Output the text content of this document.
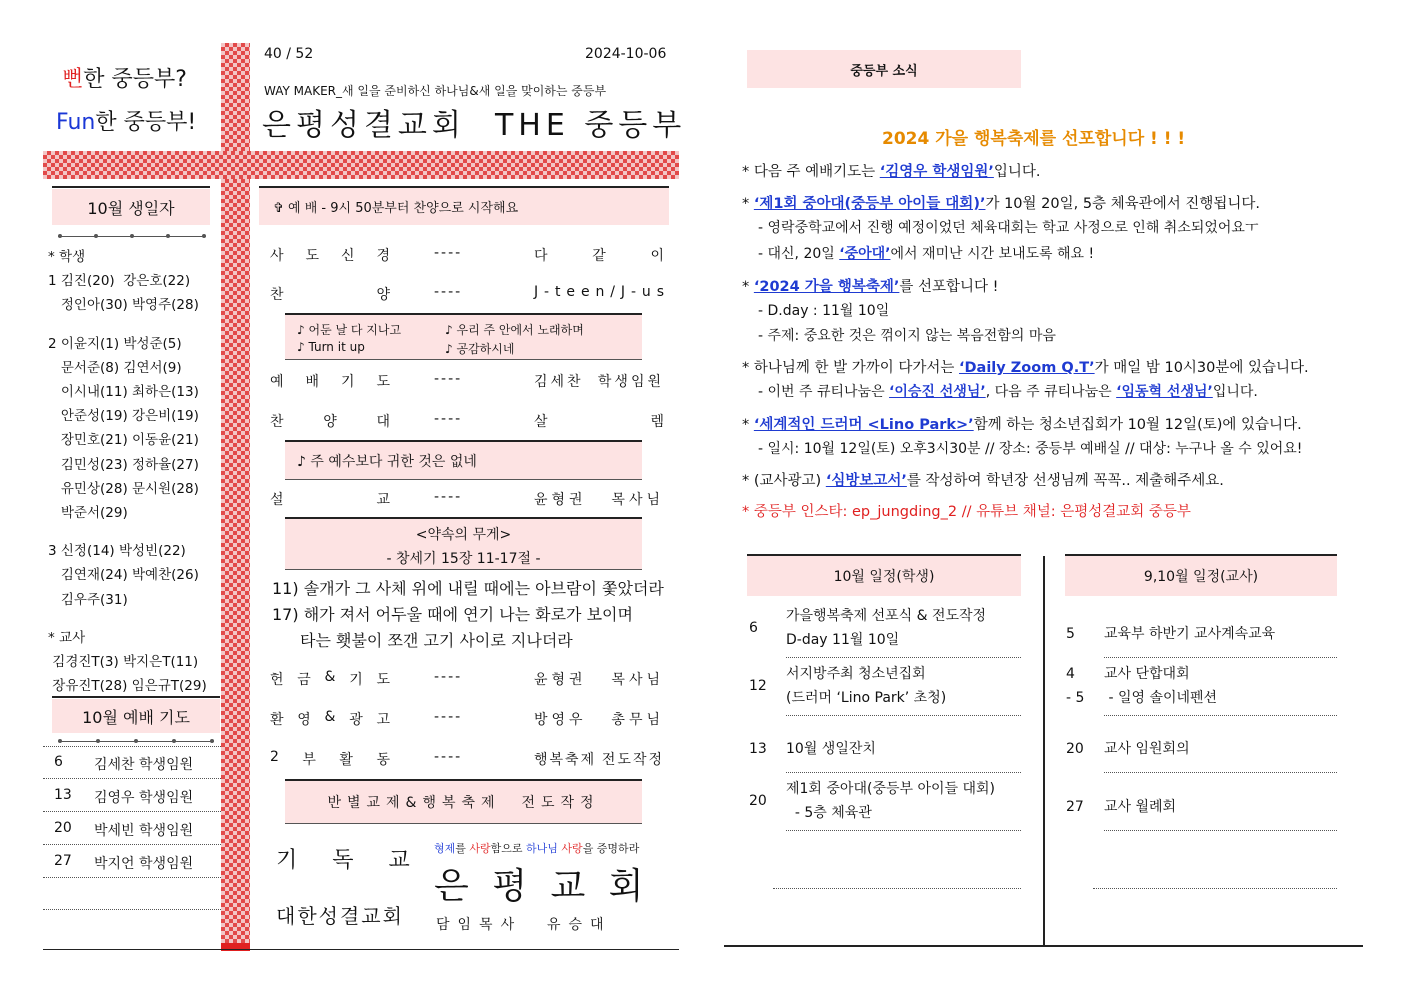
뻔한 중등부?
Fun한 중등부!
40 / 52	2024-10-06
WAY MAKER_새 일을 준비하신 하나님&새 일을 맞이하는 중등부
은평성결교회  THE 중등부
10월 생일자
* 학생
1 김진(20)  강은호(22)
정인아(30) 박영주(28)
2 이윤지(1) 박성준(5)
문서준(8) 김연서(9)
이시내(11) 최하은(13)
안준성(19) 강은비(19)
장민호(21) 이동윤(21)
김민성(23) 정하율(27)
유민상(28) 문시원(28)
박준서(29)
3 신정(14) 박성빈(22)
김연재(24) 박예찬(26)
김우주(31)
* 교사
김경진T(3) 박지은T(11)
장유진T(28) 임은규T(29)
10월 예배 기도
6 김세찬 학생임원
13 김영우 학생임원
20 박세빈 학생임원
27 박지언 학생임원
✞ 예 배 - 9시 50분부터 찬양으로 시작해요
사 도 신 경	----	다	같	이
찬	양	----	J - t e e n / J - u s
♪ 어둔 날 다 지나고	♪ 우리 주 안에서 노래하며
♪ Turn it up	♪ 공감하시네
예 배 기 도	----	김세찬 학생임원
찬	양	대	----	살	렘
♪ 주 예수보다 귀한 것은 없네
설	교	----	윤형권 목사님
<약속의 무게>
- 창세기 15장 11-17절 -
11) 솔개가 그 사체 위에 내릴 때에는 아브람이 쫓았더라
17) 해가 져서 어두울 때에 연기 나는 화로가 보이며
타는 횃불이 쪼갠 고기 사이로 지나더라
헌 금 & 기 도	----	윤형권 목사님
환 영 & 광 고	----	방영우 총무님
2 부 활 동	----	행복축제 전도작정
반별교제&행복축제  전도작정
기 독 교
대한성결교회
형제를 사랑함으로 하나님 사랑을 증명하라
은 평 교 회
담임목사  유승대
중등부 소식
2024 가을 행복축제를 선포합니다 ! ! !
* 다음 주 예배기도는 ‘김영우 학생임원’입니다.
* ‘제1회 중아대(중등부 아이들 대회)’가 10월 20일, 5층 체육관에서 진행됩니다.
- 영락중학교에서 진행 예정이었던 체육대회는 학교 사정으로 인해 취소되었어요ㅜ
- 대신, 20일 ‘중아대’에서 재미난 시간 보내도록 해요 !
* ‘2024 가을 행복축제’를 선포합니다 !
- D.day : 11월 10일
- 주제: 중요한 것은 꺾이지 않는 복음전함의 마음
* 하나님께 한 발 가까이 다가서는 ‘Daily Zoom Q.T’가 매일 밤 10시30분에 있습니다.
- 이번 주 큐티나눔은 ‘이승진 선생님’, 다음 주 큐티나눔은 ‘임동혁 선생님’입니다.
* ‘세계적인 드러머 <Lino Park>’함께 하는 청소년집회가 10월 12일(토)에 있습니다.
- 일시: 10월 12일(토) 오후3시30분 // 장소: 중등부 예배실 // 대상: 누구나 올 수 있어요!
* (교사광고) ‘심방보고서’를 작성하여 학년장 선생님께 꼭꼭.. 제출해주세요.
* 중등부 인스타: ep_jungding_2 // 유튜브 채널: 은평성결교회 중등부
10월 일정(학생)	9,10월 일정(교사)
6
가을행복축제 선포식 & 전도작정
D-day 11월 10일
12
서지방주최 청소년집회
(드러머 ‘Lino Park’ 초청)
13 10월 생일잔치
20
제1회 중아대(중등부 아이들 대회)
- 5층 체육관
5 교육부 하반기 교사계속교육
4
- 5
교사 단합대회
- 일영 솔이네펜션
20 교사 임원회의
27 교사 월례회
